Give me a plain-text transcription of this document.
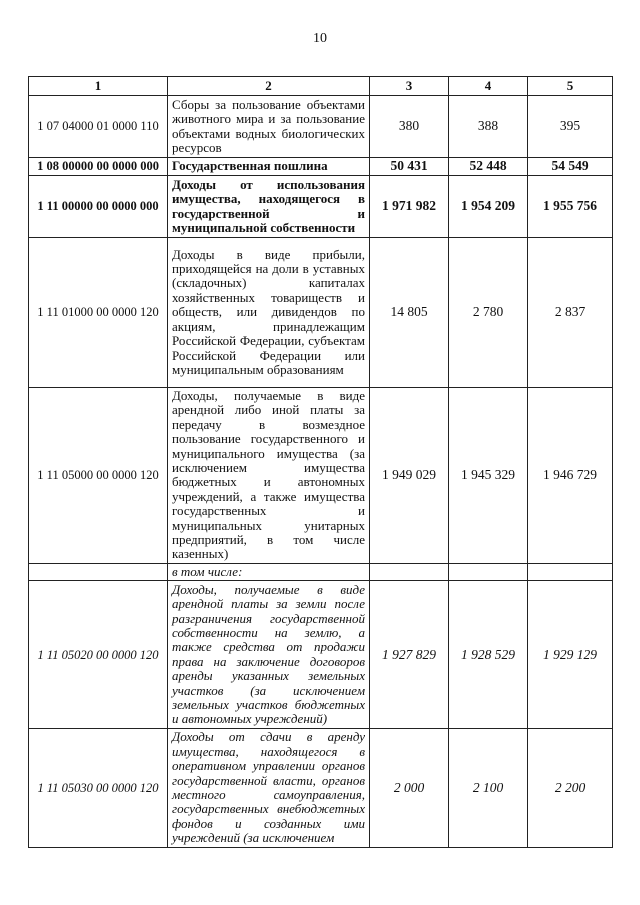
10
1	2	3	4	5
1 07 04000 01 0000 110	Сборы за пользование объектами животного мира и за пользование объектами водных биологических ресурсов	380	388	395
1 08 00000 00 0000 000	Государственная пошлина	50 431	52 448	54 549
1 11 00000 00 0000 000	Доходы от использования имущества, находящегося в государственной и муниципальной собственности	1 971 982	1 954 209	1 955 756
1 11 01000 00 0000 120	Доходы в виде прибыли, приходящейся на доли в уставных (складочных) капиталах хозяйственных товариществ и обществ, или дивидендов по акциям, принадлежащим Российской Федерации, субъектам Российской Федерации или муниципальным образованиям	14 805	2 780	2 837
1 11 05000 00 0000 120	Доходы, получаемые в виде арендной либо иной платы за передачу в возмездное пользование государственного и муниципального имущества (за исключением имущества бюджетных и автономных учреждений, а также имущества государственных и муниципальных унитарных предприятий, в том числе казенных)	1 949 029	1 945 329	1 946 729
	в том числе:			
1 11 05020 00 0000 120	Доходы, получаемые в виде арендной платы за земли после разграничения государственной собственности на землю, а также средства от продажи права на заключение договоров аренды указанных земельных участков (за исключением земельных участков бюджетных и автономных учреждений)	1 927 829	1 928 529	1 929 129
1 11 05030 00 0000 120	Доходы от сдачи в аренду имущества, находящегося в оперативном управлении органов государственной власти, органов местного самоуправления, государственных внебюджетных фондов и созданных ими учреждений (за исключением	2 000	2 100	2 200
